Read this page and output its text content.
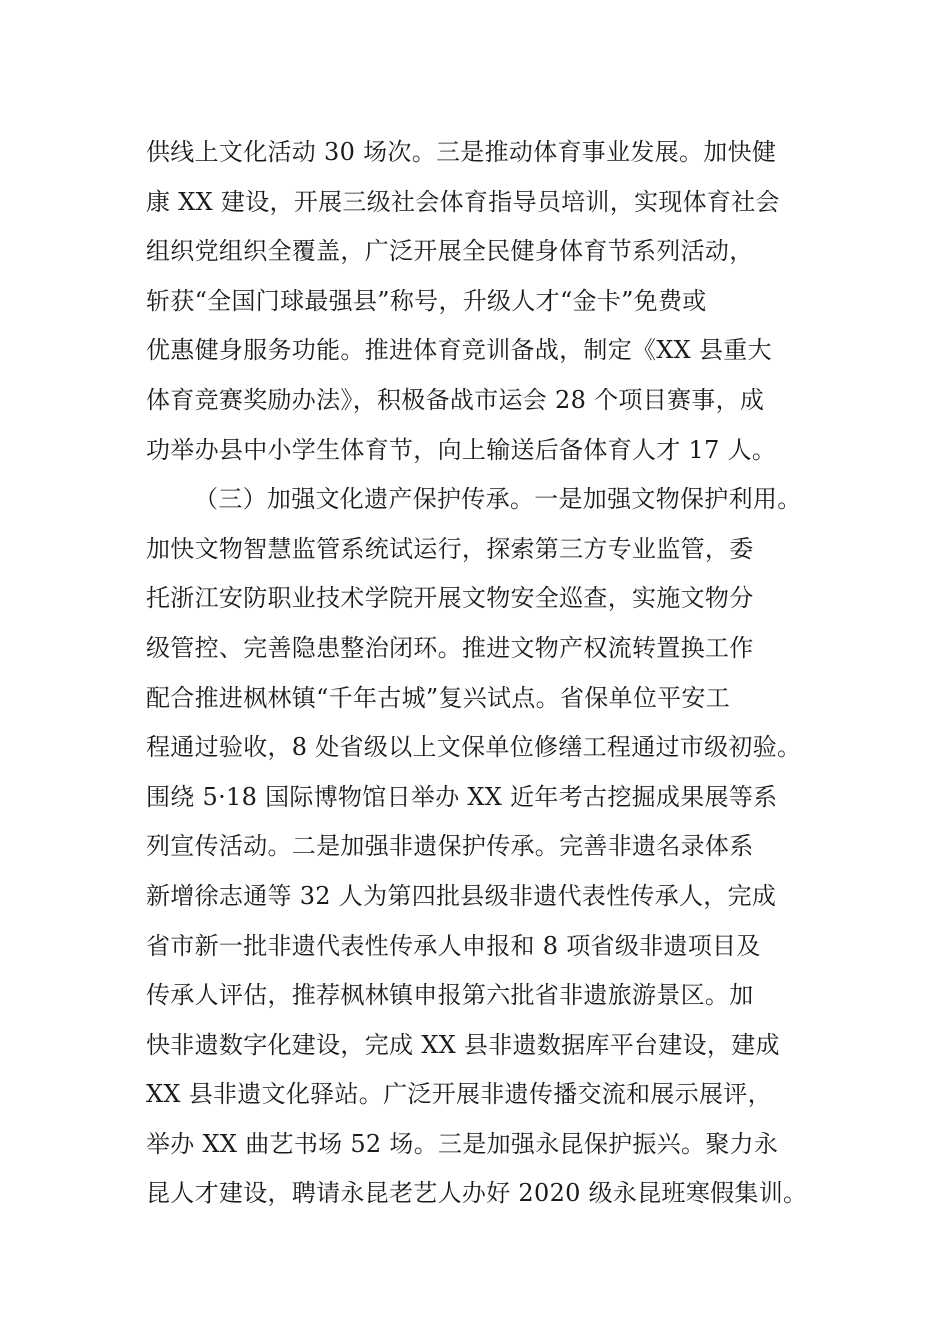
供线上文化活动 30 场次。三是推动体育事业发展。加快健
康 XX 建设，开展三级社会体育指导员培训，实现体育社会
组织党组织全覆盖，广泛开展全民健身体育节系列活动，
斩获“全国门球最强县”称号，升级人才“金卡”免费或
优惠健身服务功能。推进体育竞训备战，制定《XX 县重大
体育竞赛奖励办法》，积极备战市运会 28 个项目赛事，成
功举办县中小学生体育节，向上输送后备体育人才 17 人。
（三）加强文化遗产保护传承。一是加强文物保护利用。
加快文物智慧监管系统试运行，探索第三方专业监管，委
托浙江安防职业技术学院开展文物安全巡查，实施文物分
级管控、完善隐患整治闭环。推进文物产权流转置换工作
配合推进枫林镇“千年古城”复兴试点。省保单位平安工
程通过验收，8 处省级以上文保单位修缮工程通过市级初验。
围绕 5·18 国际博物馆日举办 XX 近年考古挖掘成果展等系
列宣传活动。二是加强非遗保护传承。完善非遗名录体系
新增徐志通等 32 人为第四批县级非遗代表性传承人，完成
省市新一批非遗代表性传承人申报和 8 项省级非遗项目及
传承人评估，推荐枫林镇申报第六批省非遗旅游景区。加
快非遗数字化建设，完成 XX 县非遗数据库平台建设，建成
XX 县非遗文化驿站。广泛开展非遗传播交流和展示展评，
举办 XX 曲艺书场 52 场。三是加强永昆保护振兴。聚力永
昆人才建设，聘请永昆老艺人办好 2020 级永昆班寒假集训。
